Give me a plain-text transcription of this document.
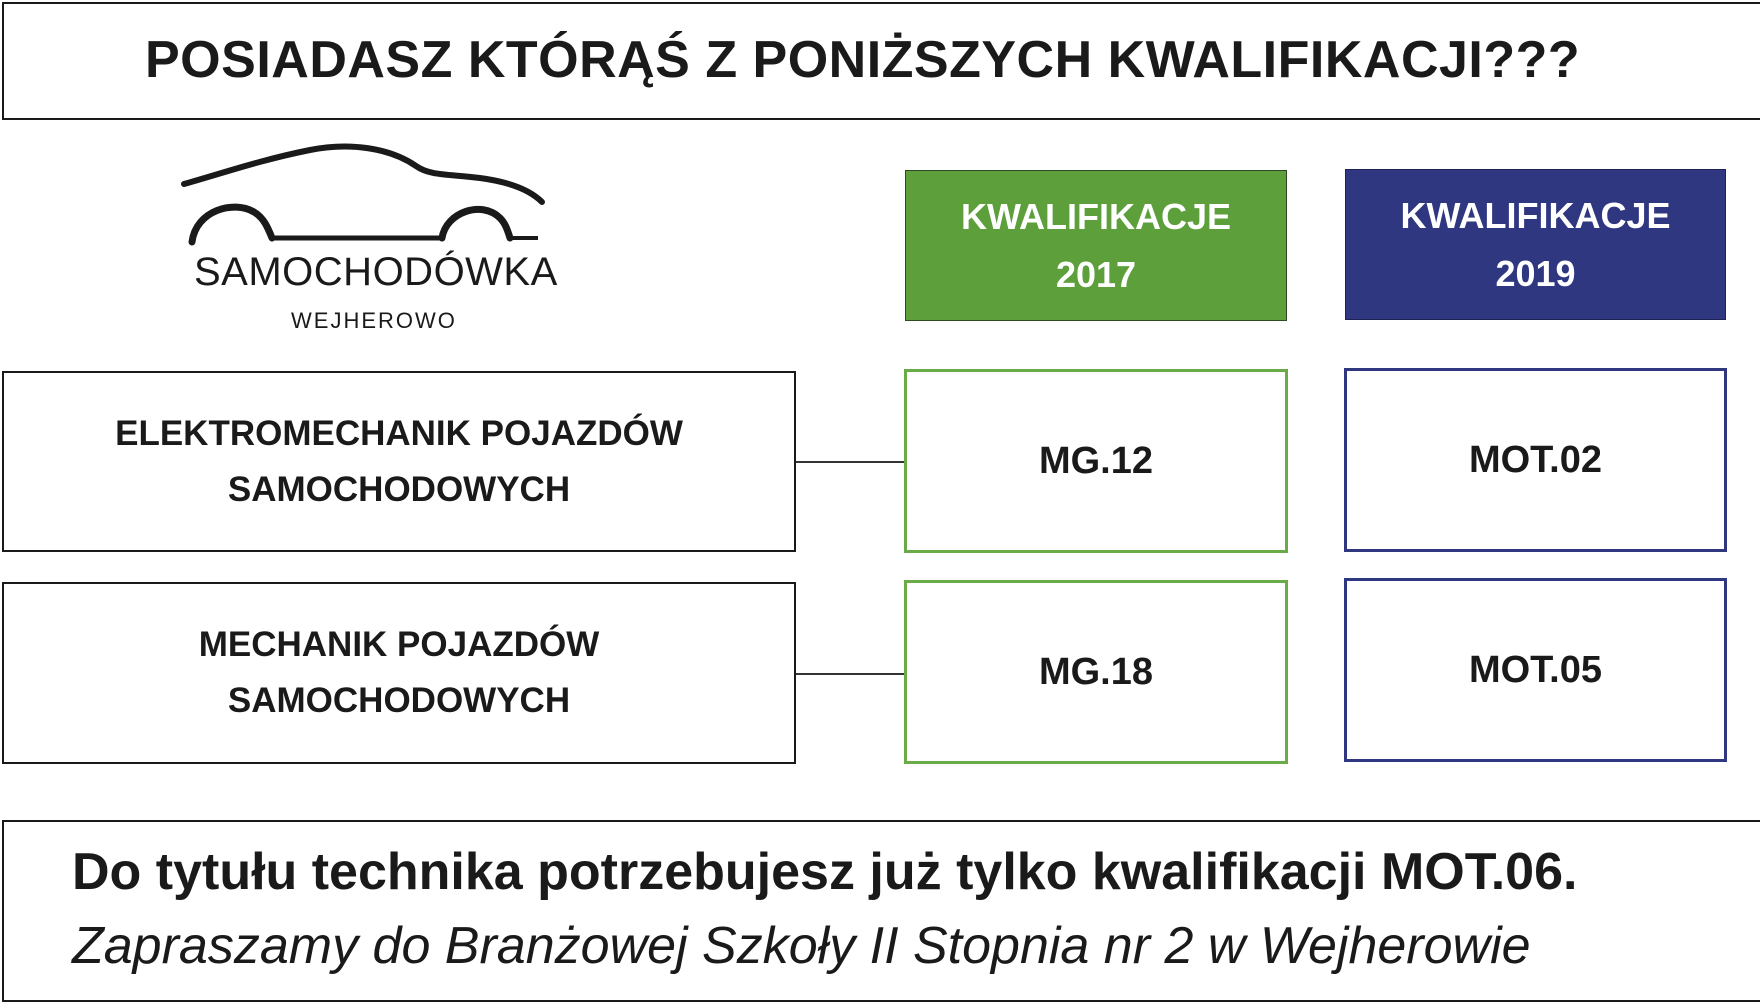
POSIADASZ KTÓRĄŚ Z PONIŻSZYCH KWALIFIKACJI???
SAMOCHODÓWKA
WEJHEROWO
KWALIFIKACJE
2017
KWALIFIKACJE
2019
ELEKTROMECHANIK POJAZDÓW
SAMOCHODOWYCH
MG.12	MOT.02
MECHANIK POJAZDÓW
SAMOCHODOWYCH
MG.18	MOT.05
Do tytułu technika potrzebujesz już tylko kwalifikacji MOT.06.
Zapraszamy do Branżowej Szkoły II Stopnia nr 2 w Wejherowie
